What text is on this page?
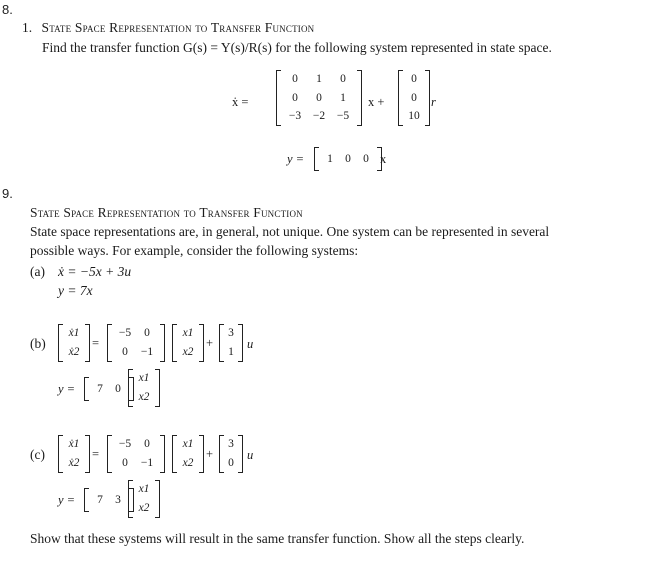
8.
1. State Space Representation to Transfer Function
Find the transfer function G(s) = Y(s)/R(s) for the following system represented in state space.
ẋ =
0	1	0
0	0	1
−3	−2	−5
x +
0
0
10
r
y =	1	0	0 x
9.
State Space Representation to Transfer Function
State space representations are, in general, not unique. One system can be represented in several
possible ways. For example, consider the following systems:
(a) ẋ = −5x + 3u
y = 7x
(b)
ẋ1
ẋ2
=
−5	0
0	−1
x1
x2
+
3
1
u
y =	7	0
x1
x2
(c)
ẋ1
ẋ2
=
−5	0
0	−1
x1
x2
+
3
0
u
y =	7	3
x1
x2
Show that these systems will result in the same transfer function. Show all the steps clearly.
